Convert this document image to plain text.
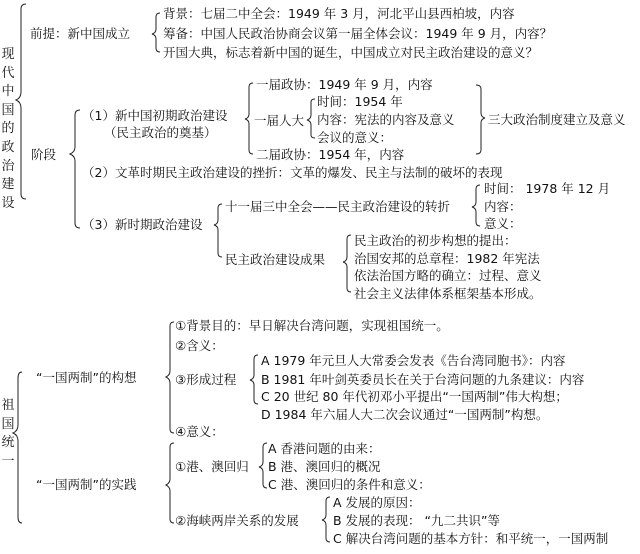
现
代
中
国
的
政
治
建
设
前提：新中国成立
背景：七届二中全会：1949 年 3 月，河北平山县西柏坡，内容
筹备：中国人民政治协商会议第一届全体会议：1949 年 9 月，内容？
开国大典，标志着新中国的诞生，中国成立对民主政治建设的意义？
阶段
（1）新中国初期政治建设
（民主政治的奠基）
一届政协：1949 年 9 月，内容
一届人大
时间：1954 年
内容：宪法的内容及意义
会议的意义：
二届政协：1954 年，内容
三大政治制度建立及意义
（2）文革时期民主政治建设的挫折：文革的爆发、民主与法制的破坏的表现
（3）新时期政治建设
十一届三中全会——民主政治建设的转折
时间： 1978 年 12 月
内容：
意义：
民主政治建设成果
民主政治的初步构想的提出：
治国安邦的总章程：1982 年宪法
依法治国方略的确立：过程、意义
社会主义法律体系框架基本形成。
祖
国
统
一
“一国两制”的构想
①背景目的：早日解决台湾问题，实现祖国统一。
②含义：
③形成过程
A 1979 年元旦人大常委会发表《告台湾同胞书》：内容
B 1981 年叶剑英委员长在关于台湾问题的九条建议：内容
C 20 世纪 80 年代初邓小平提出“一国两制”伟大构想；
D 1984 年六届人大二次会议通过“一国两制”构想。
④意义：
“一国两制”的实践
①港、澳回归
A 香港问题的由来：
B 港、澳回归的概况
C 港、澳回归的条件和意义：
②海峡两岸关系的发展
A 发展的原因：
B 发展的表现： “九二共识”等
C 解决台湾问题的基本方针：和平统一，一国两制
